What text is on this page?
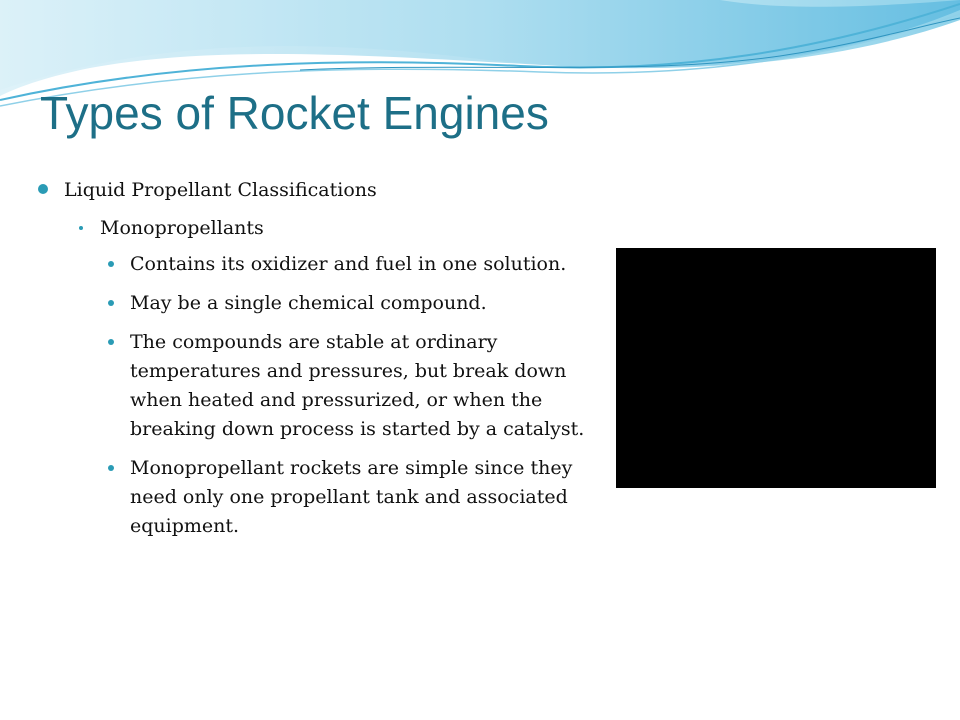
Types of Rocket Engines
Liquid Propellant Classifications
Monopropellants
Contains its oxidizer and fuel in one solution.
May be a single chemical compound.
The compounds are stable at ordinary temperatures and pressures, but break down when heated and pressurized, or when the breaking down process is started by a catalyst.
Monopropellant rockets are simple since they need only one propellant tank and associated equipment.
